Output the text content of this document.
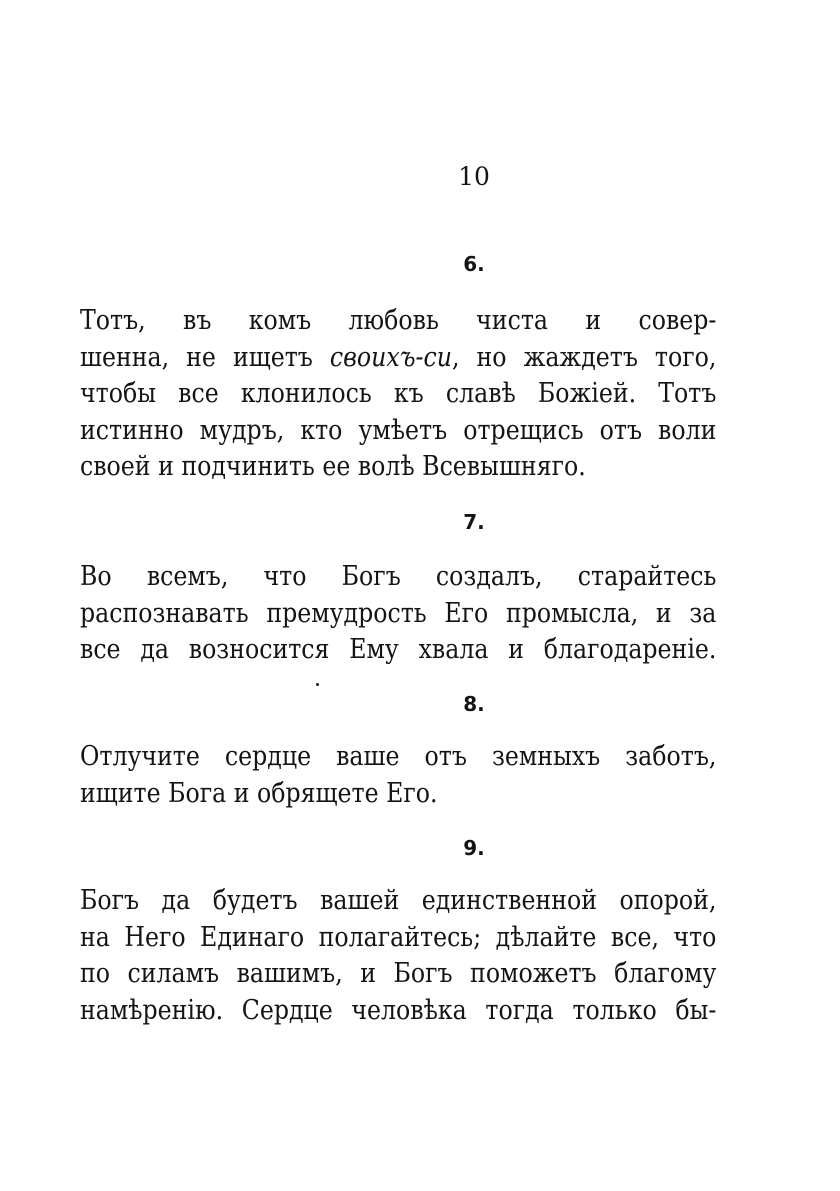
10
6.
Тотъ, въ комъ любовь чиста и совер-
шенна, не ищетъ своихъ-си, но жаждетъ того,
чтобы все клонилось къ славѣ Божіей. Тотъ
истинно мудръ, кто умѣетъ отрещись отъ воли
своей и подчинить ее волѣ Всевышняго.
7.
Во всемъ, что Богъ создалъ, старайтесь
распознавать премудрость Его промысла, и за
все да возносится Ему хвала и благодареніе.
8.
Отлучите сердце ваше отъ земныхъ заботъ,
ищите Бога и обрящете Его.
9.
Богъ да будетъ вашей единственной опорой,
на Него Единаго полагайтесь; дѣлайте все, что
по силамъ вашимъ, и Богъ поможетъ благому
намѣренію. Сердце человѣка тогда только бы-
